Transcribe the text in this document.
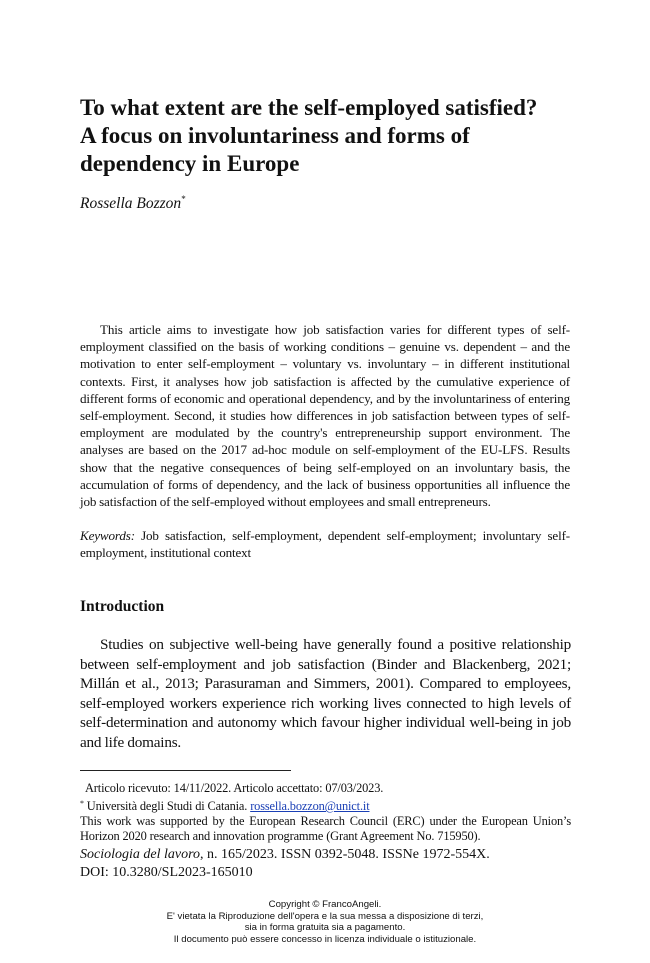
To what extent are the self-employed satisfied?
A focus on involuntariness and forms of
dependency in Europe
Rossella Bozzon*

This article aims to investigate how job satisfaction varies for different types of self-employment classified on the basis of working conditions – genuine vs. dependent – and the motivation to enter self-employment – voluntary vs. involuntary – in different institutional contexts. First, it analyses how job satisfaction is affected by the cumulative experience of different forms of economic and operational dependency, and by the involuntariness of entering self-employment. Second, it studies how differences in job satisfaction between types of self-employment are modulated by the country's entrepreneurship support environment. The analyses are based on the 2017 ad-hoc module on self-employment of the EU-LFS. Results show that the negative consequences of being self-employed on an involuntary basis, the accumulation of forms of dependency, and the lack of business opportunities all influence the job satisfaction of the self-employed without employees and small entrepreneurs.

Keywords: Job satisfaction, self-employment, dependent self-employment; involuntary self-employment, institutional context

Introduction

Studies on subjective well-being have generally found a positive relationship between self-employment and job satisfaction (Binder and Blackenberg, 2021; Millán et al., 2013; Parasuraman and Simmers, 2001). Compared to employees, self-employed workers experience rich working lives connected to high levels of self-determination and autonomy which favour higher individual well-being in job and life domains.

Articolo ricevuto: 14/11/2022. Articolo accettato: 07/03/2023.

* Università degli Studi di Catania. rossella.bozzon@unict.it

This work was supported by the European Research Council (ERC) under the European Union’s Horizon 2020 research and innovation programme (Grant Agreement No. 715950).

Sociologia del lavoro, n. 165/2023. ISSN 0392-5048. ISSNe 1972-554X.
DOI: 10.3280/SL2023-165010
Copyright © FrancoAngeli.
E' vietata la Riproduzione dell'opera e la sua messa a disposizione di terzi,
sia in forma gratuita sia a pagamento.
Il documento può essere concesso in licenza individuale o istituzionale.
